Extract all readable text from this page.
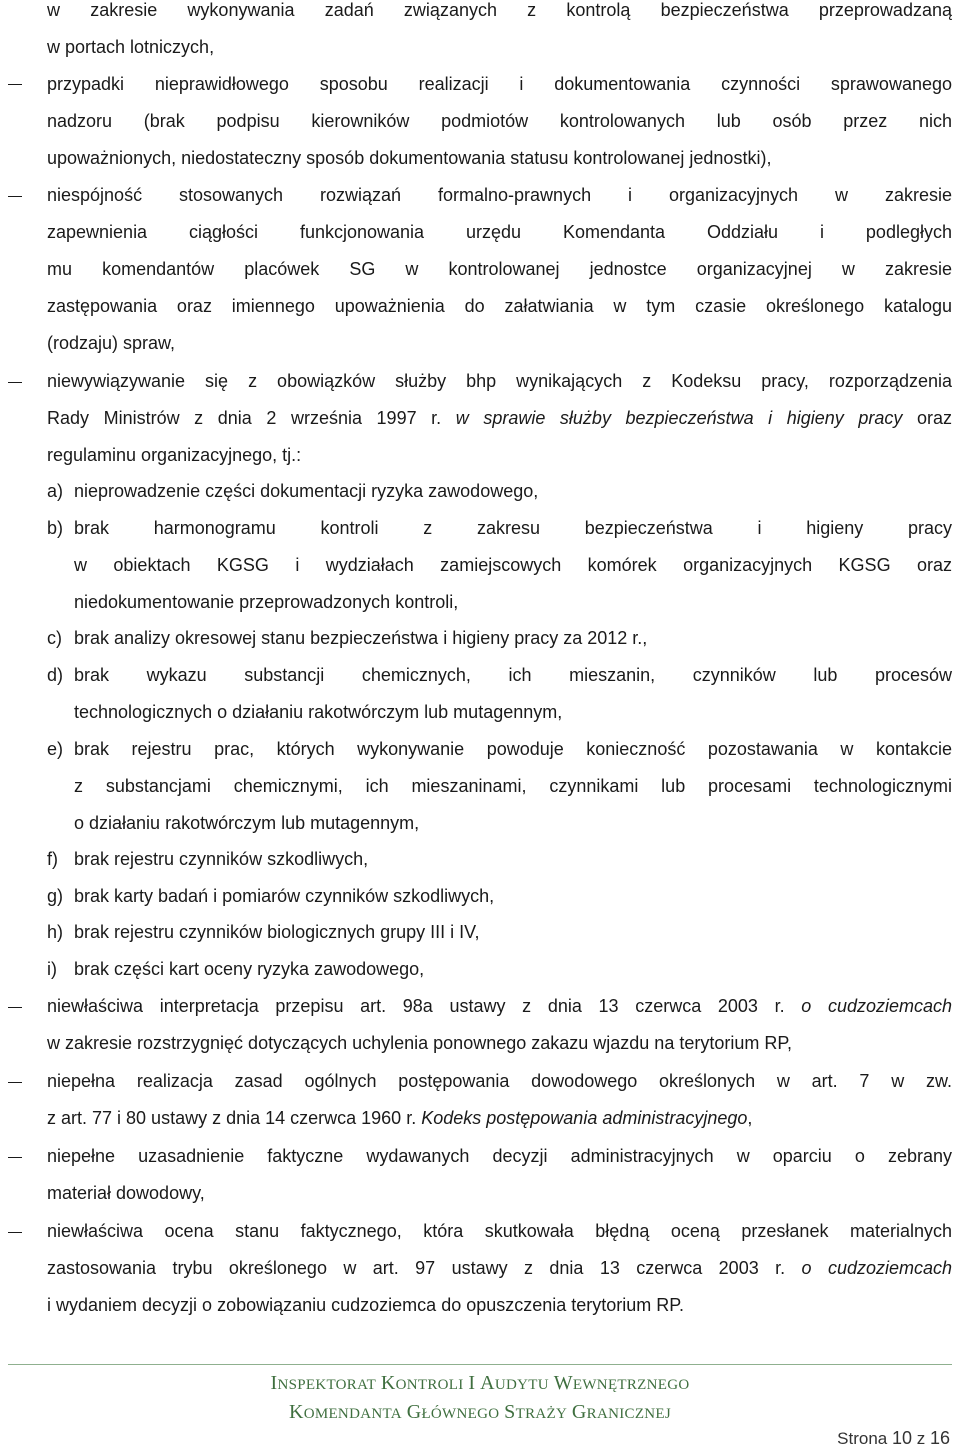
w zakresie wykonywania zadań związanych z kontrolą bezpieczeństwa przeprowadzaną
w portach lotniczych,
przypadki nieprawidłowego sposobu realizacji i dokumentowania czynności sprawowanego
nadzoru (brak podpisu kierowników podmiotów kontrolowanych lub osób przez nich
upoważnionych, niedostateczny sposób dokumentowania statusu kontrolowanej jednostki),
niespójność stosowanych rozwiązań formalno-prawnych i organizacyjnych w zakresie
zapewnienia ciągłości funkcjonowania urzędu Komendanta Oddziału i podległych
mu komendantów placówek SG w kontrolowanej jednostce organizacyjnej w zakresie
zastępowania oraz imiennego upoważnienia do załatwiania w tym czasie określonego katalogu
(rodzaju) spraw,
niewywiązywanie się z obowiązków służby bhp wynikających z Kodeksu pracy, rozporządzenia
Rady Ministrów z dnia 2 września 1997 r. w sprawie służby bezpieczeństwa i higieny pracy oraz
regulaminu organizacyjnego, tj.:
a) nieprowadzenie części dokumentacji ryzyka zawodowego,
b) brak harmonogramu kontroli z zakresu bezpieczeństwa i higieny pracy
w obiektach KGSG i wydziałach zamiejscowych komórek organizacyjnych KGSG oraz
niedokumentowanie przeprowadzonych kontroli,
c) brak analizy okresowej stanu bezpieczeństwa i higieny pracy za 2012 r.,
d) brak wykazu substancji chemicznych, ich mieszanin, czynników lub procesów
technologicznych o działaniu rakotwórczym lub mutagennym,
e) brak rejestru prac, których wykonywanie powoduje konieczność pozostawania w kontakcie
z substancjami chemicznymi, ich mieszaninami, czynnikami lub procesami technologicznymi
o działaniu rakotwórczym lub mutagennym,
f) brak rejestru czynników szkodliwych,
g) brak karty badań i pomiarów czynników szkodliwych,
h) brak rejestru czynników biologicznych grupy III i IV,
i) brak części kart oceny ryzyka zawodowego,
niewłaściwa interpretacja przepisu art. 98a ustawy z dnia 13 czerwca 2003 r. o cudzoziemcach
w zakresie rozstrzygnięć dotyczących uchylenia ponownego zakazu wjazdu na terytorium RP,
niepełna realizacja zasad ogólnych postępowania dowodowego określonych w art. 7 w zw.
z art. 77 i 80 ustawy z dnia 14 czerwca 1960 r. Kodeks postępowania administracyjnego,
niepełne uzasadnienie faktyczne wydawanych decyzji administracyjnych w oparciu o zebrany
materiał dowodowy,
niewłaściwa ocena stanu faktycznego, która skutkowała błędną oceną przesłanek materialnych
zastosowania trybu określonego w art. 97 ustawy z dnia 13 czerwca 2003 r. o cudzoziemcach
i wydaniem decyzji o zobowiązaniu cudzoziemca do opuszczenia terytorium RP.
INSPEKTORAT KONTROLI I AUDYTU WEWNĘTRZNEGO
KOMENDANTA GŁÓWNEGO STRAŻY GRANICZNEJ
Strona 10 z 16
